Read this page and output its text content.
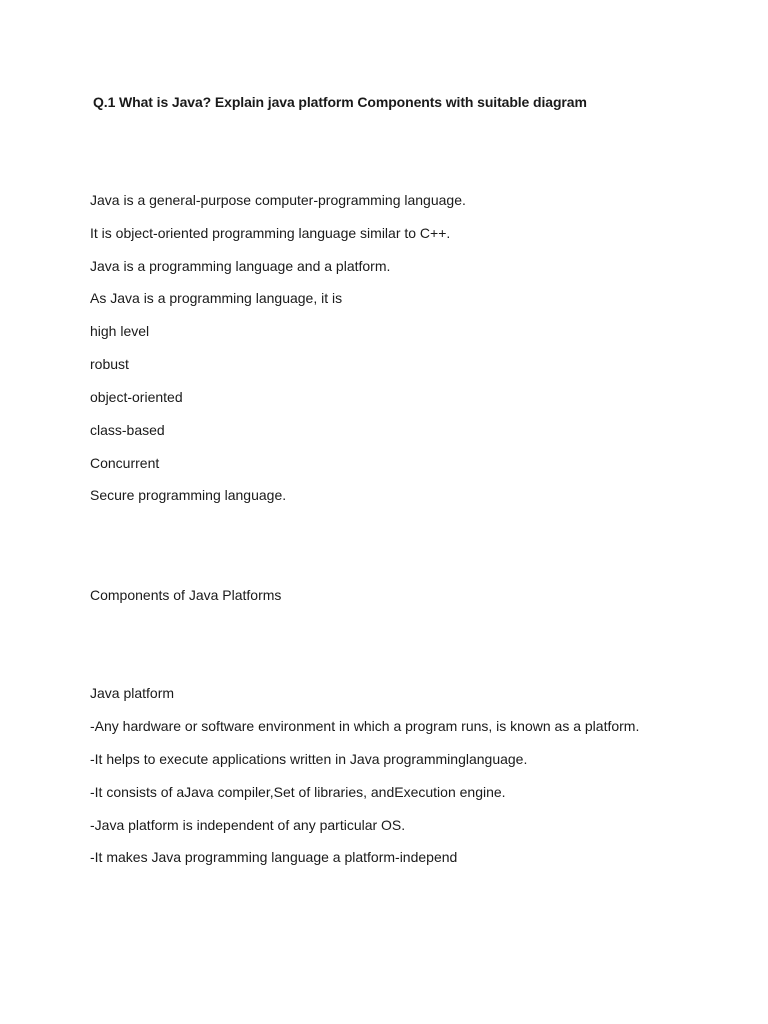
Q.1 What is Java? Explain java platform Components with suitable diagram

Java is a general-purpose computer-programming language.

It is object-oriented programming language similar to C++.

Java is a programming language and a platform.

As Java is a programming language, it is

high level

robust

object-oriented

class-based

Concurrent

Secure programming language.

Components of Java Platforms
Java platform

-Any hardware or software environment in which a program runs, is known as a platform.

-It helps to execute applications written in Java programminglanguage.

-It consists of aJava compiler,Set of libraries, andExecution engine.

-Java platform is independent of any particular OS.

-It makes Java programming language a platform-independ
